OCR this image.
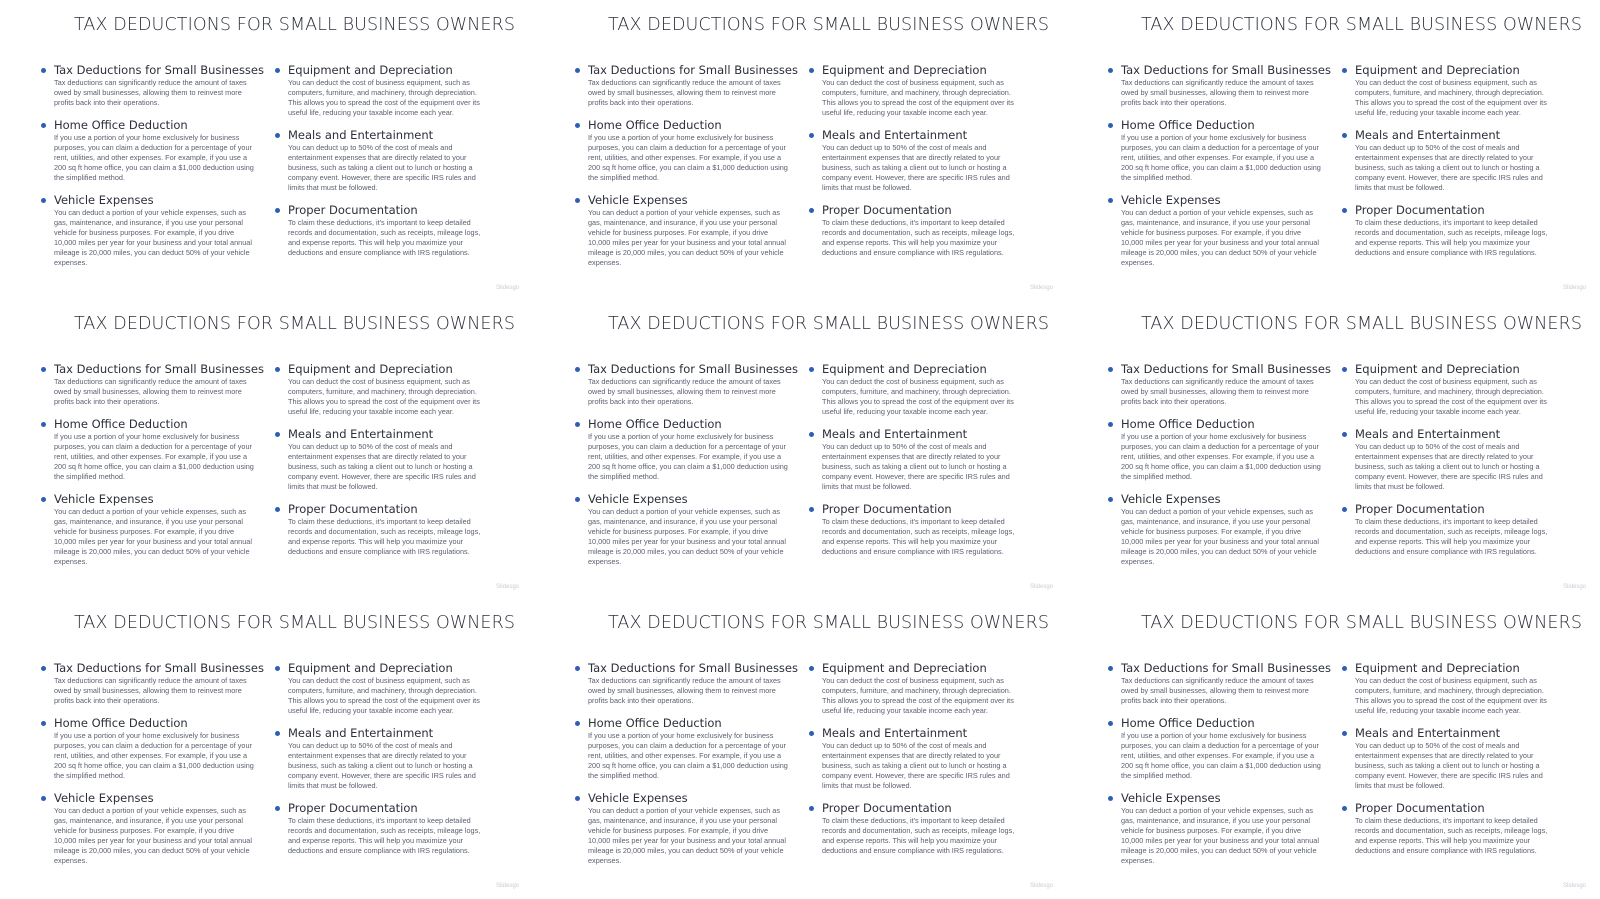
TAX DEDUCTIONS FOR SMALL BUSINESS OWNERS
Tax Deductions for Small Businesses
Tax deductions can significantly reduce the amount of taxes owed by small businesses, allowing them to reinvest more profits back into their operations.
Home Office Deduction
If you use a portion of your home exclusively for business purposes, you can claim a deduction for a percentage of your rent, utilities, and other expenses. For example, if you use a 200 sq ft home office, you can claim a $1,000 deduction using the simplified method.
Vehicle Expenses
You can deduct a portion of your vehicle expenses, such as gas, maintenance, and insurance, if you use your personal vehicle for business purposes. For example, if you drive 10,000 miles per year for your business and your total annual mileage is 20,000 miles, you can deduct 50% of your vehicle expenses.
Equipment and Depreciation
You can deduct the cost of business equipment, such as computers, furniture, and machinery, through depreciation. This allows you to spread the cost of the equipment over its useful life, reducing your taxable income each year.
Meals and Entertainment
You can deduct up to 50% of the cost of meals and entertainment expenses that are directly related to your business, such as taking a client out to lunch or hosting a company event. However, there are specific IRS rules and limits that must be followed.
Proper Documentation
To claim these deductions, it's important to keep detailed records and documentation, such as receipts, mileage logs, and expense reports. This will help you maximize your deductions and ensure compliance with IRS regulations.
Slidesgo
TAX DEDUCTIONS FOR SMALL BUSINESS OWNERS
Tax Deductions for Small Businesses
Tax deductions can significantly reduce the amount of taxes owed by small businesses, allowing them to reinvest more profits back into their operations.
Home Office Deduction
If you use a portion of your home exclusively for business purposes, you can claim a deduction for a percentage of your rent, utilities, and other expenses. For example, if you use a 200 sq ft home office, you can claim a $1,000 deduction using the simplified method.
Vehicle Expenses
You can deduct a portion of your vehicle expenses, such as gas, maintenance, and insurance, if you use your personal vehicle for business purposes. For example, if you drive 10,000 miles per year for your business and your total annual mileage is 20,000 miles, you can deduct 50% of your vehicle expenses.
Equipment and Depreciation
You can deduct the cost of business equipment, such as computers, furniture, and machinery, through depreciation. This allows you to spread the cost of the equipment over its useful life, reducing your taxable income each year.
Meals and Entertainment
You can deduct up to 50% of the cost of meals and entertainment expenses that are directly related to your business, such as taking a client out to lunch or hosting a company event. However, there are specific IRS rules and limits that must be followed.
Proper Documentation
To claim these deductions, it's important to keep detailed records and documentation, such as receipts, mileage logs, and expense reports. This will help you maximize your deductions and ensure compliance with IRS regulations.
Slidesgo
TAX DEDUCTIONS FOR SMALL BUSINESS OWNERS
Tax Deductions for Small Businesses
Tax deductions can significantly reduce the amount of taxes owed by small businesses, allowing them to reinvest more profits back into their operations.
Home Office Deduction
If you use a portion of your home exclusively for business purposes, you can claim a deduction for a percentage of your rent, utilities, and other expenses. For example, if you use a 200 sq ft home office, you can claim a $1,000 deduction using the simplified method.
Vehicle Expenses
You can deduct a portion of your vehicle expenses, such as gas, maintenance, and insurance, if you use your personal vehicle for business purposes. For example, if you drive 10,000 miles per year for your business and your total annual mileage is 20,000 miles, you can deduct 50% of your vehicle expenses.
Equipment and Depreciation
You can deduct the cost of business equipment, such as computers, furniture, and machinery, through depreciation. This allows you to spread the cost of the equipment over its useful life, reducing your taxable income each year.
Meals and Entertainment
You can deduct up to 50% of the cost of meals and entertainment expenses that are directly related to your business, such as taking a client out to lunch or hosting a company event. However, there are specific IRS rules and limits that must be followed.
Proper Documentation
To claim these deductions, it's important to keep detailed records and documentation, such as receipts, mileage logs, and expense reports. This will help you maximize your deductions and ensure compliance with IRS regulations.
Slidesgo
TAX DEDUCTIONS FOR SMALL BUSINESS OWNERS
Tax Deductions for Small Businesses
Tax deductions can significantly reduce the amount of taxes owed by small businesses, allowing them to reinvest more profits back into their operations.
Home Office Deduction
If you use a portion of your home exclusively for business purposes, you can claim a deduction for a percentage of your rent, utilities, and other expenses. For example, if you use a 200 sq ft home office, you can claim a $1,000 deduction using the simplified method.
Vehicle Expenses
You can deduct a portion of your vehicle expenses, such as gas, maintenance, and insurance, if you use your personal vehicle for business purposes. For example, if you drive 10,000 miles per year for your business and your total annual mileage is 20,000 miles, you can deduct 50% of your vehicle expenses.
Equipment and Depreciation
You can deduct the cost of business equipment, such as computers, furniture, and machinery, through depreciation. This allows you to spread the cost of the equipment over its useful life, reducing your taxable income each year.
Meals and Entertainment
You can deduct up to 50% of the cost of meals and entertainment expenses that are directly related to your business, such as taking a client out to lunch or hosting a company event. However, there are specific IRS rules and limits that must be followed.
Proper Documentation
To claim these deductions, it's important to keep detailed records and documentation, such as receipts, mileage logs, and expense reports. This will help you maximize your deductions and ensure compliance with IRS regulations.
Slidesgo
TAX DEDUCTIONS FOR SMALL BUSINESS OWNERS
Tax Deductions for Small Businesses
Tax deductions can significantly reduce the amount of taxes owed by small businesses, allowing them to reinvest more profits back into their operations.
Home Office Deduction
If you use a portion of your home exclusively for business purposes, you can claim a deduction for a percentage of your rent, utilities, and other expenses. For example, if you use a 200 sq ft home office, you can claim a $1,000 deduction using the simplified method.
Vehicle Expenses
You can deduct a portion of your vehicle expenses, such as gas, maintenance, and insurance, if you use your personal vehicle for business purposes. For example, if you drive 10,000 miles per year for your business and your total annual mileage is 20,000 miles, you can deduct 50% of your vehicle expenses.
Equipment and Depreciation
You can deduct the cost of business equipment, such as computers, furniture, and machinery, through depreciation. This allows you to spread the cost of the equipment over its useful life, reducing your taxable income each year.
Meals and Entertainment
You can deduct up to 50% of the cost of meals and entertainment expenses that are directly related to your business, such as taking a client out to lunch or hosting a company event. However, there are specific IRS rules and limits that must be followed.
Proper Documentation
To claim these deductions, it's important to keep detailed records and documentation, such as receipts, mileage logs, and expense reports. This will help you maximize your deductions and ensure compliance with IRS regulations.
Slidesgo
TAX DEDUCTIONS FOR SMALL BUSINESS OWNERS
Tax Deductions for Small Businesses
Tax deductions can significantly reduce the amount of taxes owed by small businesses, allowing them to reinvest more profits back into their operations.
Home Office Deduction
If you use a portion of your home exclusively for business purposes, you can claim a deduction for a percentage of your rent, utilities, and other expenses. For example, if you use a 200 sq ft home office, you can claim a $1,000 deduction using the simplified method.
Vehicle Expenses
You can deduct a portion of your vehicle expenses, such as gas, maintenance, and insurance, if you use your personal vehicle for business purposes. For example, if you drive 10,000 miles per year for your business and your total annual mileage is 20,000 miles, you can deduct 50% of your vehicle expenses.
Equipment and Depreciation
You can deduct the cost of business equipment, such as computers, furniture, and machinery, through depreciation. This allows you to spread the cost of the equipment over its useful life, reducing your taxable income each year.
Meals and Entertainment
You can deduct up to 50% of the cost of meals and entertainment expenses that are directly related to your business, such as taking a client out to lunch or hosting a company event. However, there are specific IRS rules and limits that must be followed.
Proper Documentation
To claim these deductions, it's important to keep detailed records and documentation, such as receipts, mileage logs, and expense reports. This will help you maximize your deductions and ensure compliance with IRS regulations.
Slidesgo
TAX DEDUCTIONS FOR SMALL BUSINESS OWNERS
Tax Deductions for Small Businesses
Tax deductions can significantly reduce the amount of taxes owed by small businesses, allowing them to reinvest more profits back into their operations.
Home Office Deduction
If you use a portion of your home exclusively for business purposes, you can claim a deduction for a percentage of your rent, utilities, and other expenses. For example, if you use a 200 sq ft home office, you can claim a $1,000 deduction using the simplified method.
Vehicle Expenses
You can deduct a portion of your vehicle expenses, such as gas, maintenance, and insurance, if you use your personal vehicle for business purposes. For example, if you drive 10,000 miles per year for your business and your total annual mileage is 20,000 miles, you can deduct 50% of your vehicle expenses.
Equipment and Depreciation
You can deduct the cost of business equipment, such as computers, furniture, and machinery, through depreciation. This allows you to spread the cost of the equipment over its useful life, reducing your taxable income each year.
Meals and Entertainment
You can deduct up to 50% of the cost of meals and entertainment expenses that are directly related to your business, such as taking a client out to lunch or hosting a company event. However, there are specific IRS rules and limits that must be followed.
Proper Documentation
To claim these deductions, it's important to keep detailed records and documentation, such as receipts, mileage logs, and expense reports. This will help you maximize your deductions and ensure compliance with IRS regulations.
Slidesgo
TAX DEDUCTIONS FOR SMALL BUSINESS OWNERS
Tax Deductions for Small Businesses
Tax deductions can significantly reduce the amount of taxes owed by small businesses, allowing them to reinvest more profits back into their operations.
Home Office Deduction
If you use a portion of your home exclusively for business purposes, you can claim a deduction for a percentage of your rent, utilities, and other expenses. For example, if you use a 200 sq ft home office, you can claim a $1,000 deduction using the simplified method.
Vehicle Expenses
You can deduct a portion of your vehicle expenses, such as gas, maintenance, and insurance, if you use your personal vehicle for business purposes. For example, if you drive 10,000 miles per year for your business and your total annual mileage is 20,000 miles, you can deduct 50% of your vehicle expenses.
Equipment and Depreciation
You can deduct the cost of business equipment, such as computers, furniture, and machinery, through depreciation. This allows you to spread the cost of the equipment over its useful life, reducing your taxable income each year.
Meals and Entertainment
You can deduct up to 50% of the cost of meals and entertainment expenses that are directly related to your business, such as taking a client out to lunch or hosting a company event. However, there are specific IRS rules and limits that must be followed.
Proper Documentation
To claim these deductions, it's important to keep detailed records and documentation, such as receipts, mileage logs, and expense reports. This will help you maximize your deductions and ensure compliance with IRS regulations.
Slidesgo
TAX DEDUCTIONS FOR SMALL BUSINESS OWNERS
Tax Deductions for Small Businesses
Tax deductions can significantly reduce the amount of taxes owed by small businesses, allowing them to reinvest more profits back into their operations.
Home Office Deduction
If you use a portion of your home exclusively for business purposes, you can claim a deduction for a percentage of your rent, utilities, and other expenses. For example, if you use a 200 sq ft home office, you can claim a $1,000 deduction using the simplified method.
Vehicle Expenses
You can deduct a portion of your vehicle expenses, such as gas, maintenance, and insurance, if you use your personal vehicle for business purposes. For example, if you drive 10,000 miles per year for your business and your total annual mileage is 20,000 miles, you can deduct 50% of your vehicle expenses.
Equipment and Depreciation
You can deduct the cost of business equipment, such as computers, furniture, and machinery, through depreciation. This allows you to spread the cost of the equipment over its useful life, reducing your taxable income each year.
Meals and Entertainment
You can deduct up to 50% of the cost of meals and entertainment expenses that are directly related to your business, such as taking a client out to lunch or hosting a company event. However, there are specific IRS rules and limits that must be followed.
Proper Documentation
To claim these deductions, it's important to keep detailed records and documentation, such as receipts, mileage logs, and expense reports. This will help you maximize your deductions and ensure compliance with IRS regulations.
Slidesgo
